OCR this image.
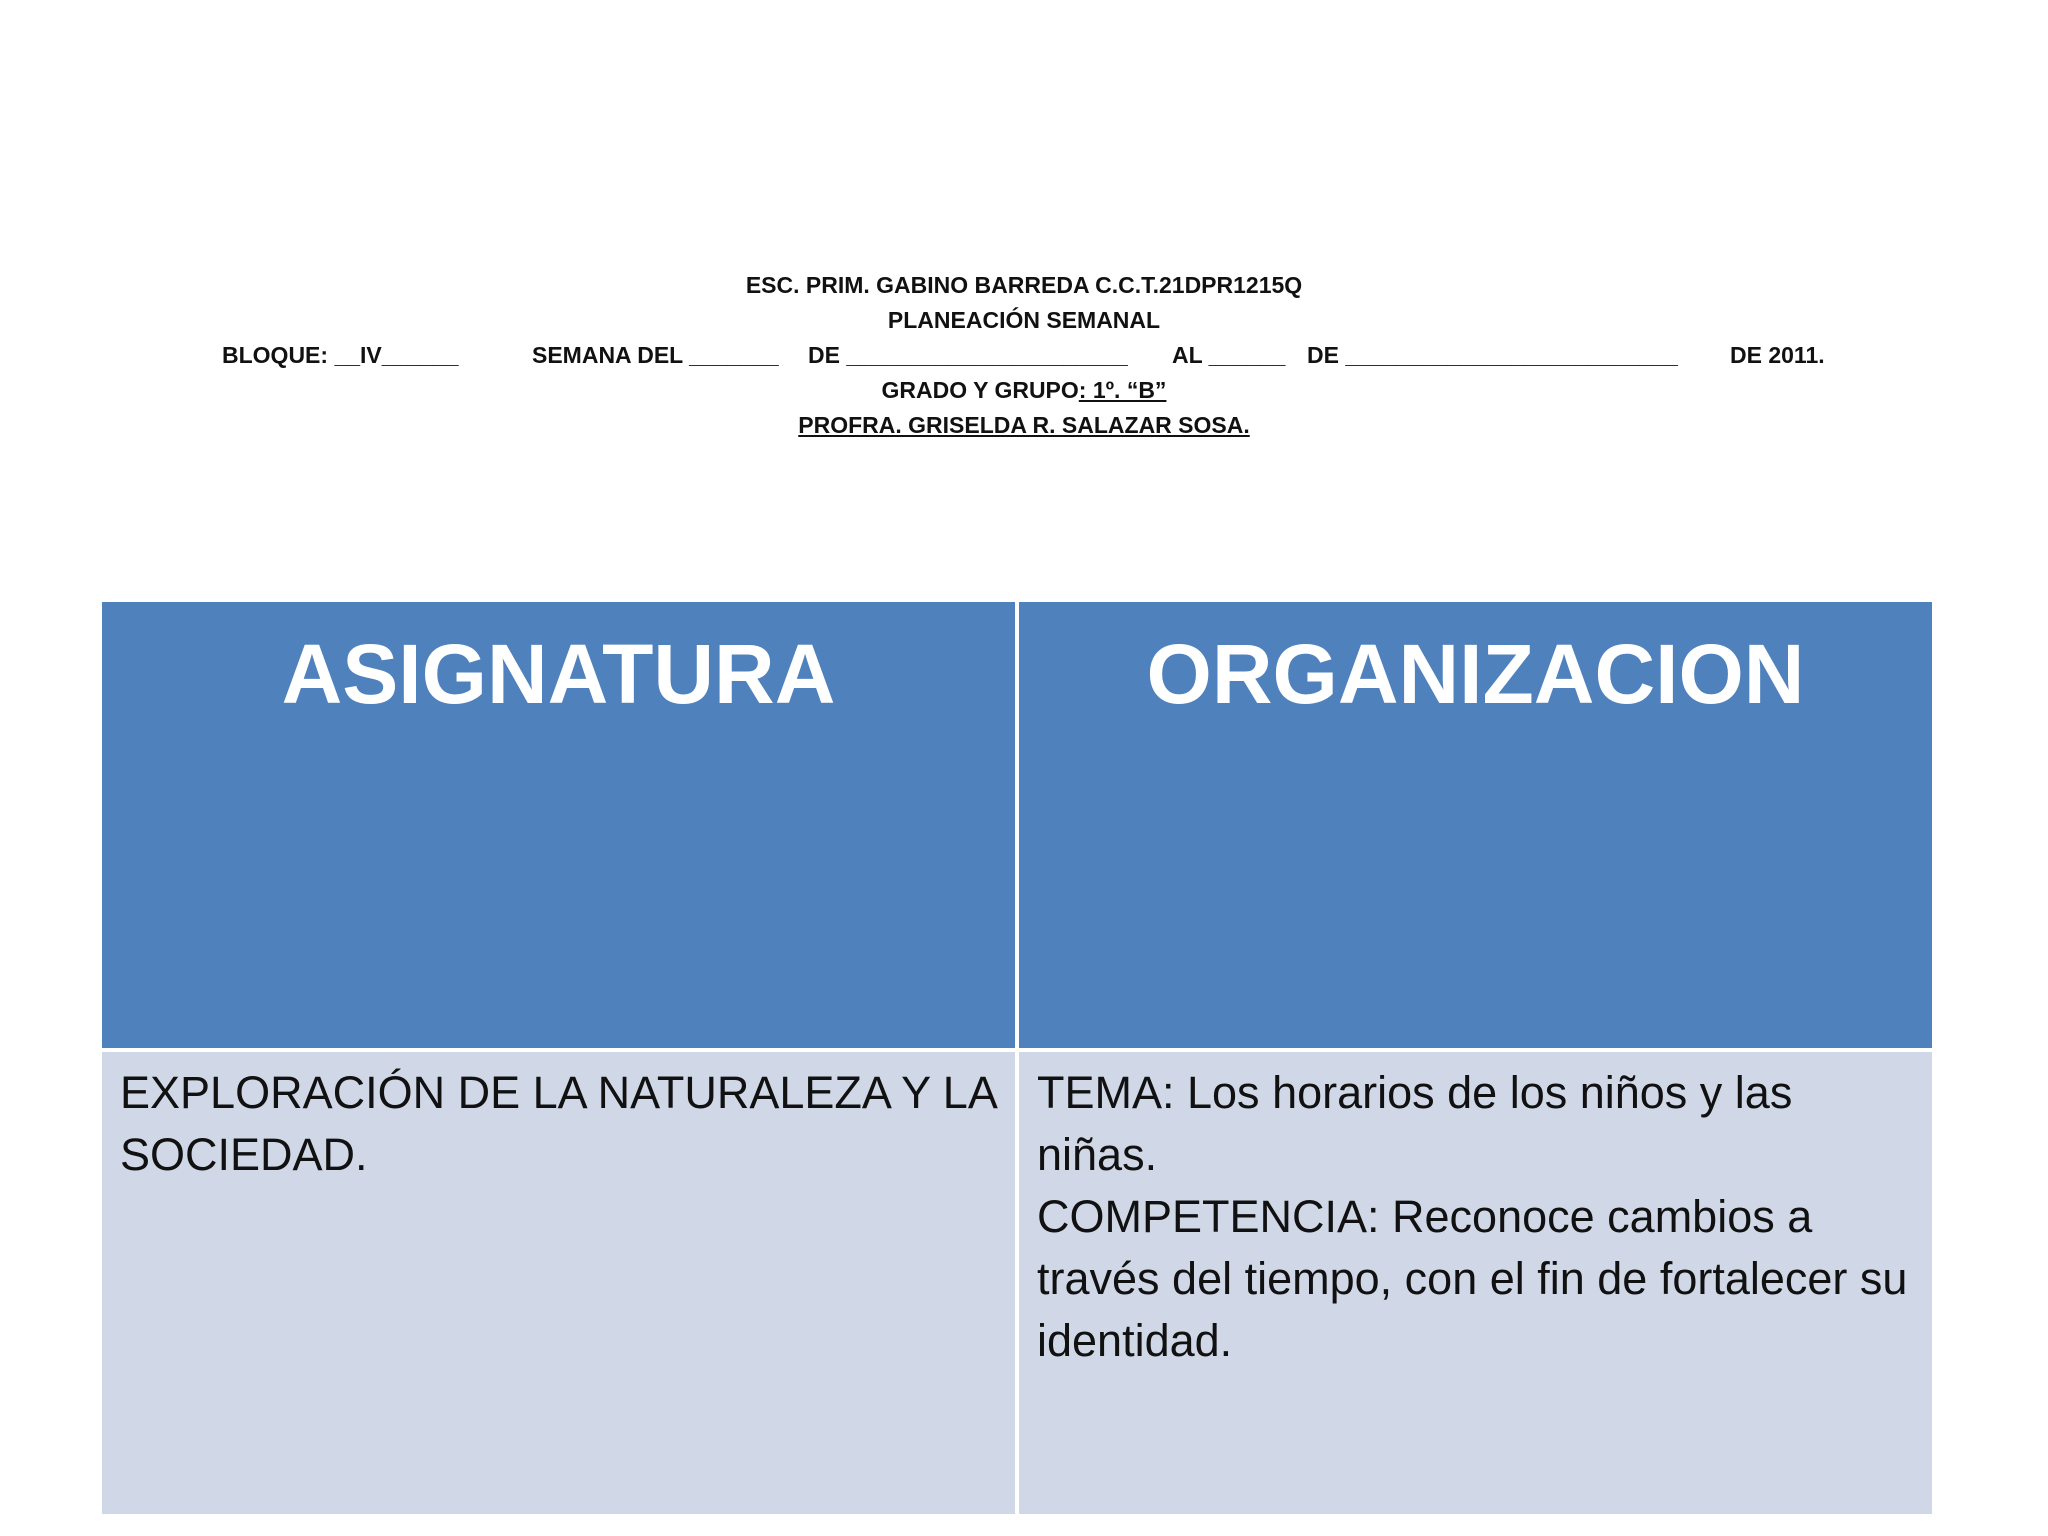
ESC. PRIM. GABINO BARREDA C.C.T.21DPR1215Q
PLANEACIÓN SEMANAL
BLOQUE: __IV______	SEMANA DEL _______ DE ______________________ AL ______ DE __________________________ DE 2011.
GRADO Y GRUPO: 1º. “B”
PROFRA. GRISELDA R. SALAZAR SOSA.
ASIGNATURA	ORGANIZACION

EXPLORACIÓN DE LA NATURALEZA Y LA SOCIEDAD.	TEMA: Los horarios de los niños y las niñas.
COMPETENCIA: Reconoce cambios a través del tiempo, con el fin de fortalecer su identidad.
